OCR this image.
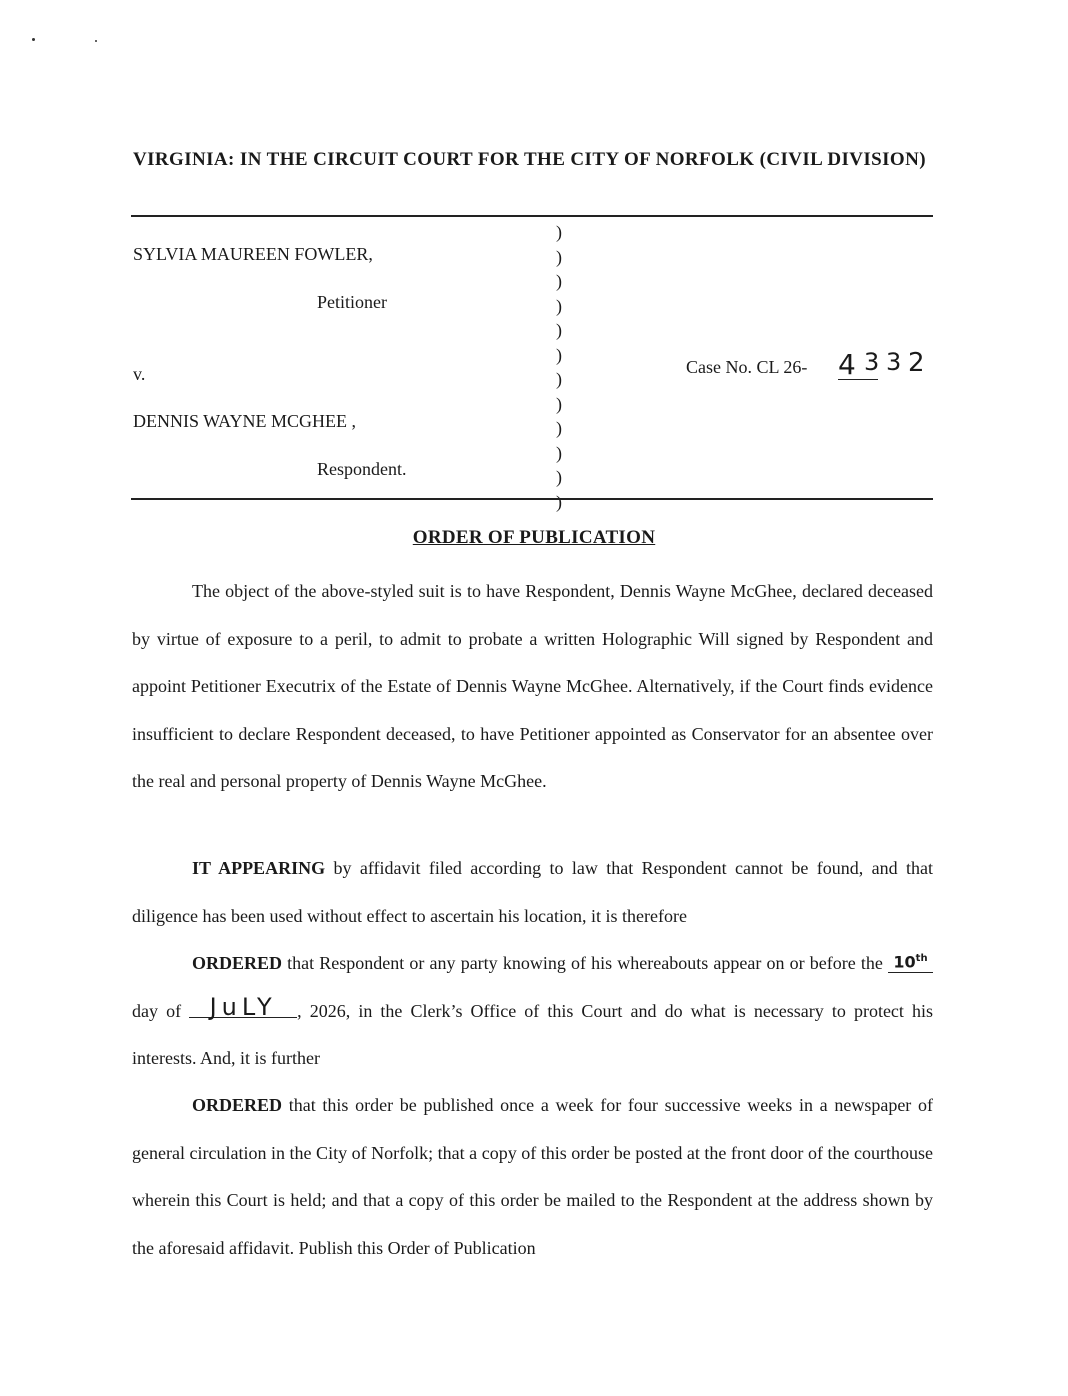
VIRGINIA: IN THE CIRCUIT COURT FOR THE CITY OF NORFOLK (CIVIL DIVISION)
SYLVIA MAUREEN FOWLER,
Petitioner
v.
DENNIS WAYNE MCGHEE ,
Respondent.
)
)
)
)
)
)
)
)
)
)
)
)
Case No. CL 26- 4 3 3 2
ORDER OF PUBLICATION

The object of the above-styled suit is to have Respondent, Dennis Wayne McGhee, declared deceased by virtue of exposure to a peril, to admit to probate a written Holographic Will signed by Respondent and appoint Petitioner Executrix of the Estate of Dennis Wayne McGhee. Alternatively, if the Court finds evidence insufficient to declare Respondent deceased, to have Petitioner appointed as Conservator for an absentee over the real and personal property of Dennis Wayne McGhee.

IT APPEARING by affidavit filed according to law that Respondent cannot be found, and that diligence has been used without effect to ascertain his location, it is therefore

ORDERED that Respondent or any party knowing of his whereabouts appear on or before the 10th day of JuLY , 2026, in the Clerk’s Office of this Court and do what is necessary to protect his interests. And, it is further

ORDERED that this order be published once a week for four successive weeks in a newspaper of general circulation in the City of Norfolk; that a copy of this order be posted at the front door of the courthouse wherein this Court is held; and that a copy of this order be mailed to the Respondent at the address shown by the aforesaid affidavit. Publish this Order of Publication
